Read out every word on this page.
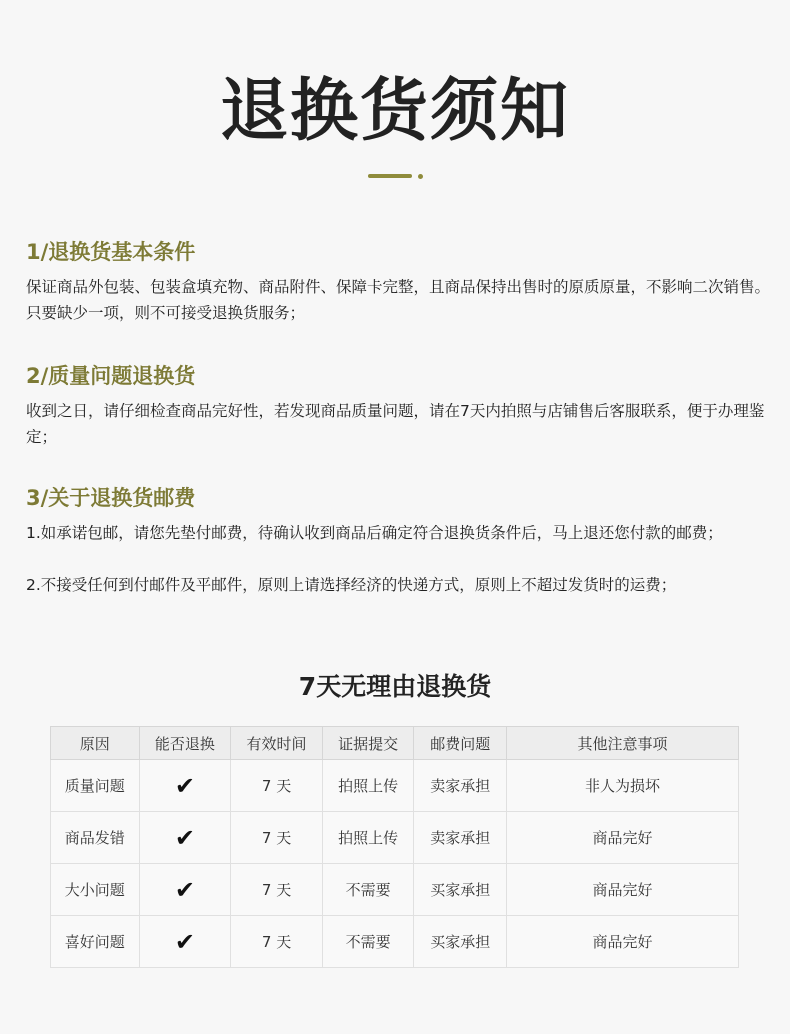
退换货须知

1/退换货基本条件

保证商品外包装、包装盒填充物、商品附件、保障卡完整，且商品保持出售时的原质原量，不影响二次销售。只要缺少一项，则不可接受退换货服务；

2/质量问题退换货

收到之日，请仔细检查商品完好性，若发现商品质量问题，请在7天内拍照与店铺售后客服联系，便于办理鉴定；

3/关于退换货邮费

1.如承诺包邮，请您先垫付邮费，待确认收到商品后确定符合退换货条件后，马上退还您付款的邮费；

2.不接受任何到付邮件及平邮件，原则上请选择经济的快递方式，原则上不超过发货时的运费；

7天无理由退换货
原因	能否退换	有效时间	证据提交	邮费问题	其他注意事项
质量问题	✔	7 天	拍照上传	卖家承担	非人为损坏
商品发错	✔	7 天	拍照上传	卖家承担	商品完好
大小问题	✔	7 天	不需要	买家承担	商品完好
喜好问题	✔	7 天	不需要	买家承担	商品完好
